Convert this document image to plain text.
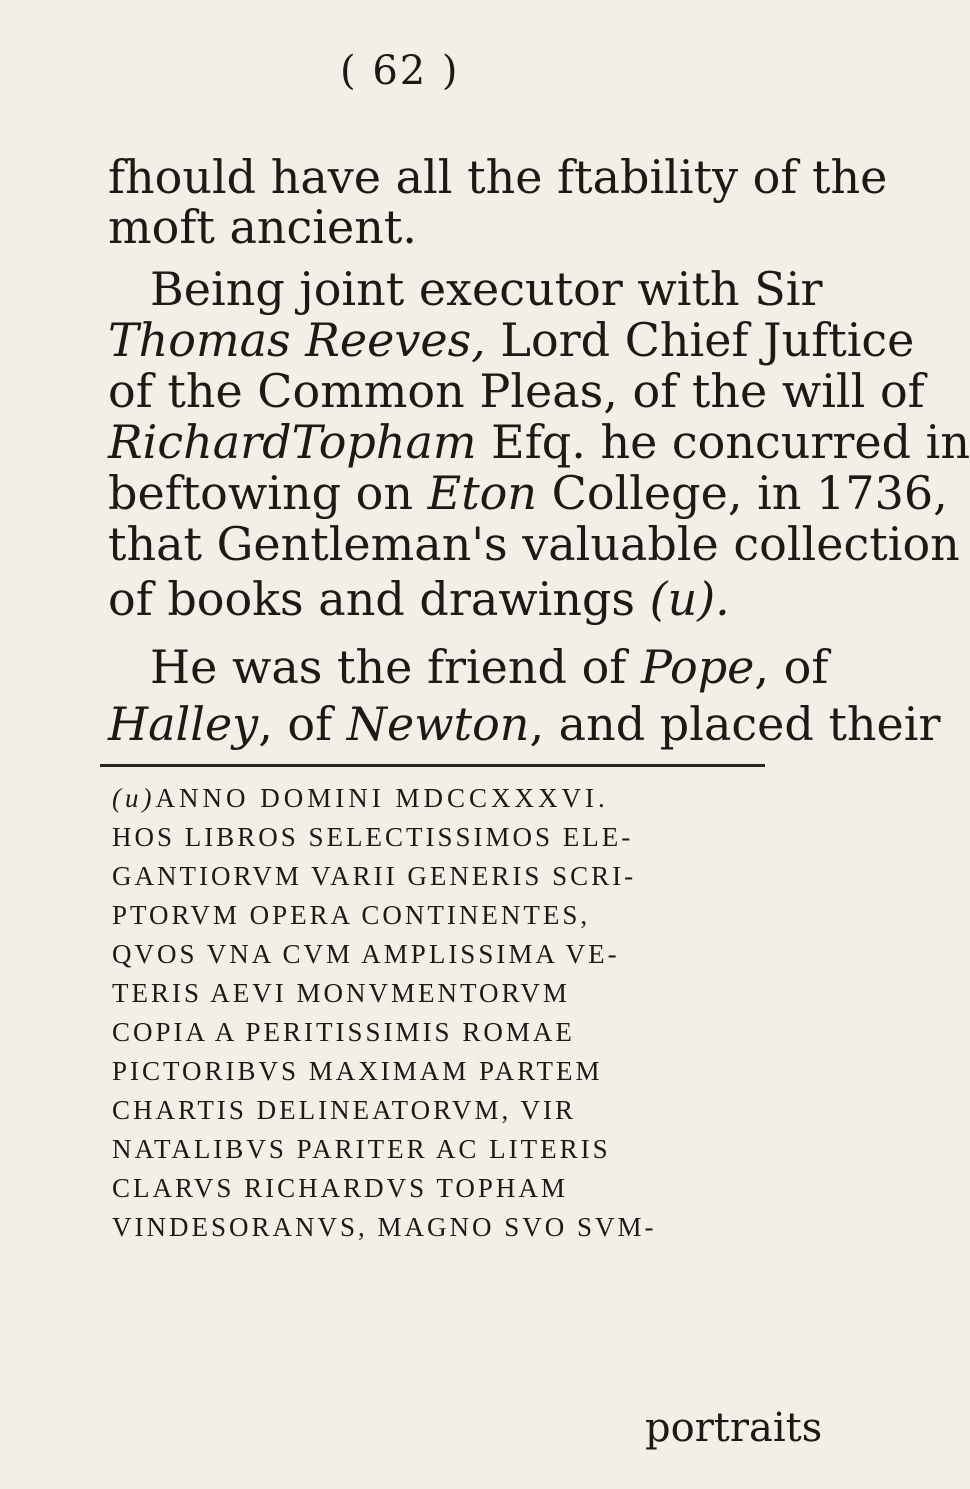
( 62 )
fhould have all the ftability of the
moft ancient.
Being joint executor with Sir
Thomas Reeves, Lord Chief Juftice
of the Common Pleas, of the will of
RichardTopham Efq. he concurred in
beftowing on Eton College, in 1736,
that Gentleman's valuable collection
of books and drawings (u).
He was the friend of Pope, of
(u) ANNO DOMINI MDCCXXXVI.
HOS LIBROS SELECTISSIMOS ELE-
GANTIORVM VARII GENERIS SCRI-
PTORVM OPERA CONTINENTES,
QVOS VNA CVM AMPLISSIMA VE-
TERIS AEVI MONVMENTORVM
COPIA A PERITISSIMIS ROMAE
PICTORIBVS MAXIMAM PARTEM
CHARTIS DELINEATORVM, VIR
NATALIBVS PARITER AC LITERIS
CLARVS RICHARDVS TOPHAM
VINDESORANVS, MAGNO SVO SVM-
portraits
Halley, of Newton, and placed their
